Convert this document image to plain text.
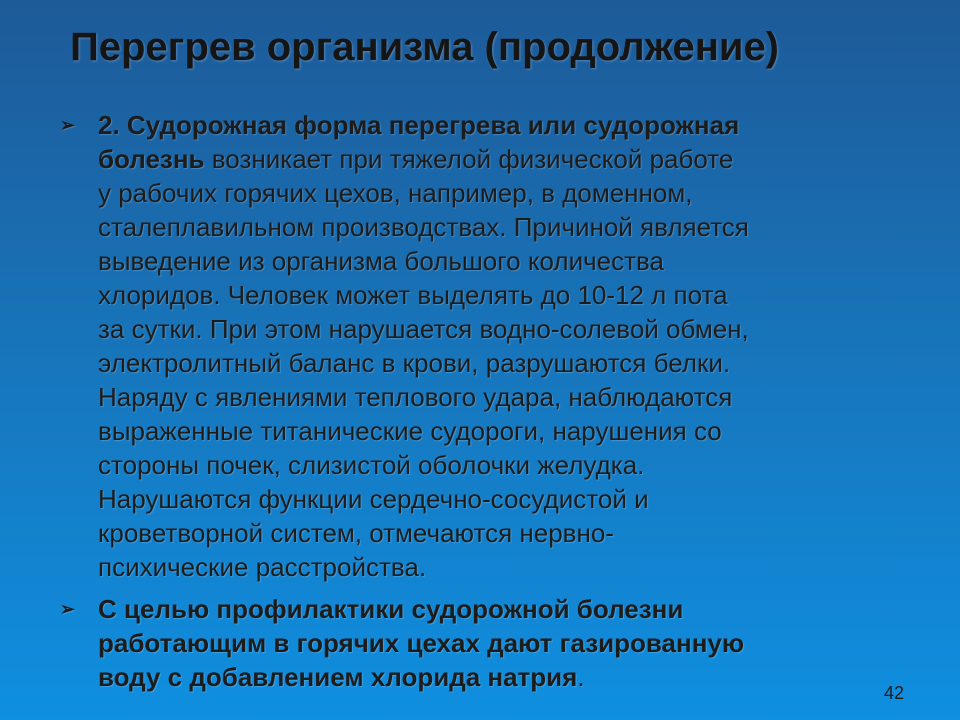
Перегрев организма (продолжение)
➢ 2. Судорожная форма перегрева или судорожная
болезнь возникает при тяжелой физической работе
у рабочих горячих цехов, например, в доменном,
сталеплавильном производствах. Причиной является
выведение из организма большого количества
хлоридов. Человек может выделять до 10-12 л пота
за сутки. При этом нарушается водно-солевой обмен,
электролитный баланс в крови, разрушаются белки.
Наряду с явлениями теплового удара, наблюдаются
выраженные титанические судороги, нарушения со
стороны почек, слизистой оболочки желудка.
Нарушаются функции сердечно-сосудистой и
кроветворной систем, отмечаются нервно-
психические расстройства.
➢ С целью профилактики судорожной болезни
работающим в горячих цехах дают газированную
воду с добавлением хлорида натрия.
42
